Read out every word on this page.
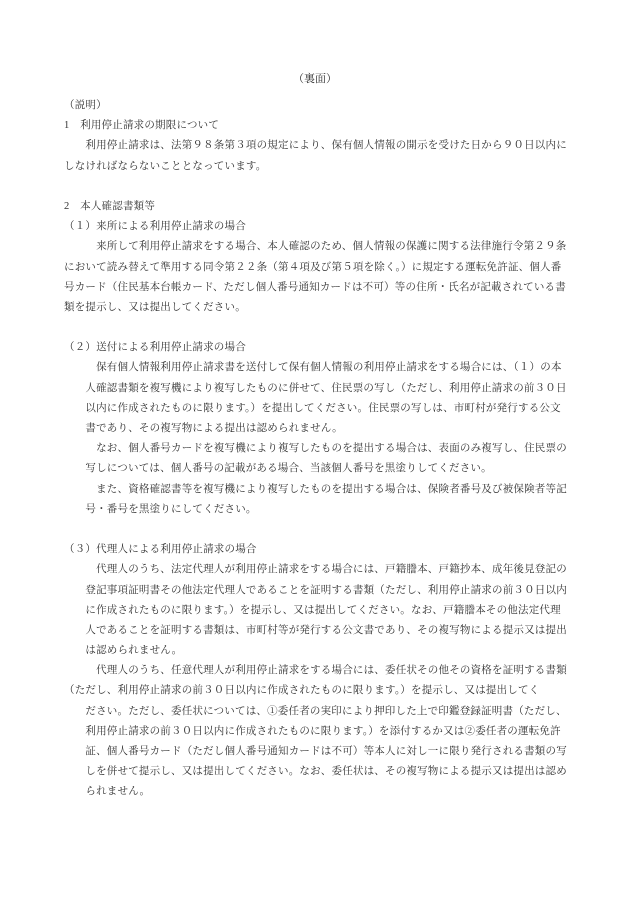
（裏面）
（説明）
1　利用停止請求の期限について
　　利用停止請求は、法第９８条第３項の規定により、保有個人情報の開示を受けた日から９０日以内に
しなければならないこととなっています。
2　本人確認書類等
（１）来所による利用停止請求の場合
　　　来所して利用停止請求をする場合、本人確認のため、個人情報の保護に関する法律施行令第２９条
において読み替えて準用する同令第２２条（第４項及び第５項を除く。）に規定する運転免許証、個人番
号カード（住民基本台帳カード、ただし個人番号通知カードは不可）等の住所・氏名が記載されている書
類を提示し、又は提出してください。
（２）送付による利用停止請求の場合
　　　保有個人情報利用停止請求書を送付して保有個人情報の利用停止請求をする場合には、（１）の本
　　人確認書類を複写機により複写したものに併せて、住民票の写し（ただし、利用停止請求の前３０日
　　以内に作成されたものに限ります。）を提出してください。住民票の写しは、市町村が発行する公文
　　書であり、その複写物による提出は認められません。
　　　なお、個人番号カードを複写機により複写したものを提出する場合は、表面のみ複写し、住民票の
　　写しについては、個人番号の記載がある場合、当該個人番号を黒塗りしてください。
　　　また、資格確認書等を複写機により複写したものを提出する場合は、保険者番号及び被保険者等記
　　号・番号を黒塗りにしてください。
（３）代理人による利用停止請求の場合
　　　代理人のうち、法定代理人が利用停止請求をする場合には、戸籍謄本、戸籍抄本、成年後見登記の
　　登記事項証明書その他法定代理人であることを証明する書類（ただし、利用停止請求の前３０日以内
　　に作成されたものに限ります。）を提示し、又は提出してください。なお、戸籍謄本その他法定代理
　　人であることを証明する書類は、市町村等が発行する公文書であり、その複写物による提示又は提出
　　は認められません。
　　　代理人のうち、任意代理人が利用停止請求をする場合には、委任状その他その資格を証明する書類
（ただし、利用停止請求の前３０日以内に作成されたものに限ります。）を提示し、又は提出してく
　　ださい。ただし、委任状については、①委任者の実印により押印した上で印鑑登録証明書（ただし、
　　利用停止請求の前３０日以内に作成されたものに限ります。）を添付するか又は②委任者の運転免許
　　証、個人番号カード（ただし個人番号通知カードは不可）等本人に対し一に限り発行される書類の写
　　しを併せて提示し、又は提出してください。なお、委任状は、その複写物による提示又は提出は認め
　　られません。
